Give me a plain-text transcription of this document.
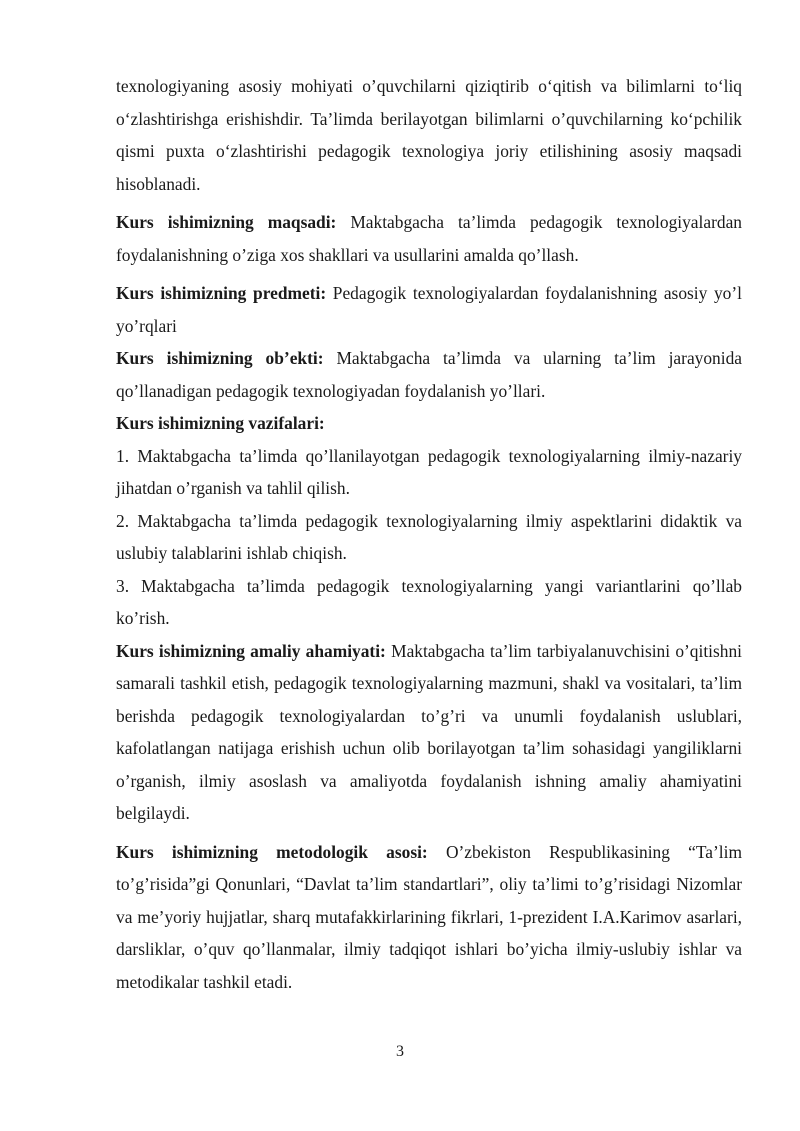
texnologiyaning asosiy mohiyati o’quvchilarni qiziqtirib o‘qitish va bilimlarni to‘liq o‘zlashtirishga erishishdir. Ta’limda berilayotgan bilimlarni o’quvchilarning ko‘pchilik qismi puxta o‘zlashtirishi pedagogik texnologiya joriy etilishining asosiy maqsadi hisoblanadi.

Kurs ishimizning maqsadi: Maktabgacha ta’limda pedagogik texnologiyalardan foydalanishning o’ziga xos shakllari va usullarini amalda qo’llash.

Kurs ishimizning predmeti: Pedagogik texnologiyalardan foydalanishning asosiy yo’l yo’rqlari

Kurs ishimizning ob’ekti: Maktabgacha ta’limda va ularning ta’lim jarayonida qo’llanadigan pedagogik texnologiyadan foydalanish yo’llari.

Kurs ishimizning vazifalari:

1. Maktabgacha ta’limda qo’llanilayotgan pedagogik texnologiyalarning ilmiy-nazariy jihatdan o’rganish va tahlil qilish.

2. Maktabgacha ta’limda pedagogik texnologiyalarning ilmiy aspektlarini didaktik va uslubiy talablarini ishlab chiqish.

3. Maktabgacha ta’limda pedagogik texnologiyalarning yangi variantlarini qo’llab ko’rish.

Kurs ishimizning amaliy ahamiyati: Maktabgacha ta’lim tarbiyalanuvchisini o’qitishni samarali tashkil etish, pedagogik texnologiyalarning mazmuni, shakl va vositalari, ta’lim berishda pedagogik texnologiyalardan to’g’ri va unumli foydalanish uslublari, kafolatlangan natijaga erishish uchun olib borilayotgan ta’lim sohasidagi yangiliklarni o’rganish, ilmiy asoslash va amaliyotda foydalanish ishning amaliy ahamiyatini belgilaydi.

Kurs ishimizning metodologik asosi: O’zbekiston Respublikasining “Ta’lim to’g’risida”gi Qonunlari, “Davlat ta’lim standartlari”, oliy ta’limi to’g’risidagi Nizomlar va me’yoriy hujjatlar, sharq mutafakkirlarining fikrlari, 1-prezident I.A.Karimov asarlari, darsliklar, o’quv qo’llanmalar, ilmiy tadqiqot ishlari bo’yicha ilmiy-uslubiy ishlar va metodikalar tashkil etadi.

3
